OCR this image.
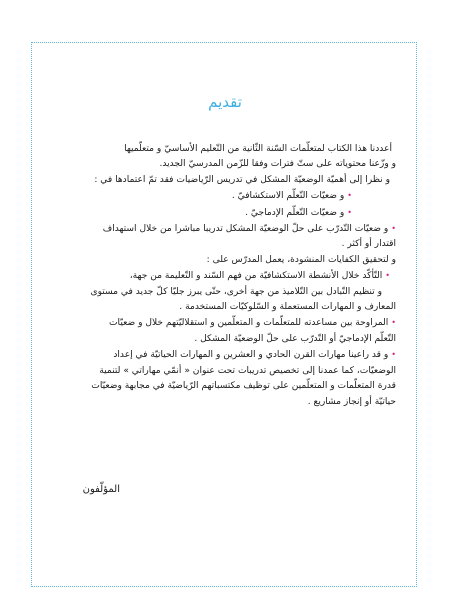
تقديم
أعددنا هذا الكتاب لمتعلّمات السّنة الثّانية من التّعليم الأساسيّ و متعلّميها
و وزّعنا محتوياته على ستّ فترات وفقا للزّمن المدرسيّ الجديد.
و نظرا إلى أهميّة الوضعيّة المشكل في تدريس الرّياضيات فقد تمّ اعتمادها في :
•و ضعيّات التّعلّم الاستكشافيّ .
•و ضعيّات التّعلّم الإدماجيّ .
•و ضعيّات التّدرّب على حلّ الوضعيّة المشكل تدريبا مباشرا من خلال استهداف
اقتدار أو أكثر .
و لتحقيق الكفايات المنشودة، يعمل المدرّس على :
•التّأكّد خلال الأنشطة الاستكشافيّة من فهم السّند و التّعليمة من جهة،
و تنظيم التّبادل بين التّلاميذ من جهة أخرى، حتّى يبرز جليّا كلّ جديد في مستوى
المعارف و المهارات المستعملة و السّلوكيّات المستخدمة .
•المراوحة بين مساعدته للمتعلّمات و المتعلّمين و استقلاليّتهم خلال و ضعيّات
التّعلّم الإدماجيّ أو التّدرّب على حلّ الوضعيّة المشكل .
•و قد راعينا مهارات القرن الحادي و العشرين و المهارات الحياتيّة في إعداد
الوضعيّات، كما عمدنا إلى تخصيص تدريبات تحت عنوان « أنمّي مهاراتي » لتنمية
قدرة المتعلّمات و المتعلّمين على توظيف مكتسباتهم الرّياضيّة في مجابهة وضعيّات
حياتيّة أو إنجاز مشاريع .
المؤلّفون
